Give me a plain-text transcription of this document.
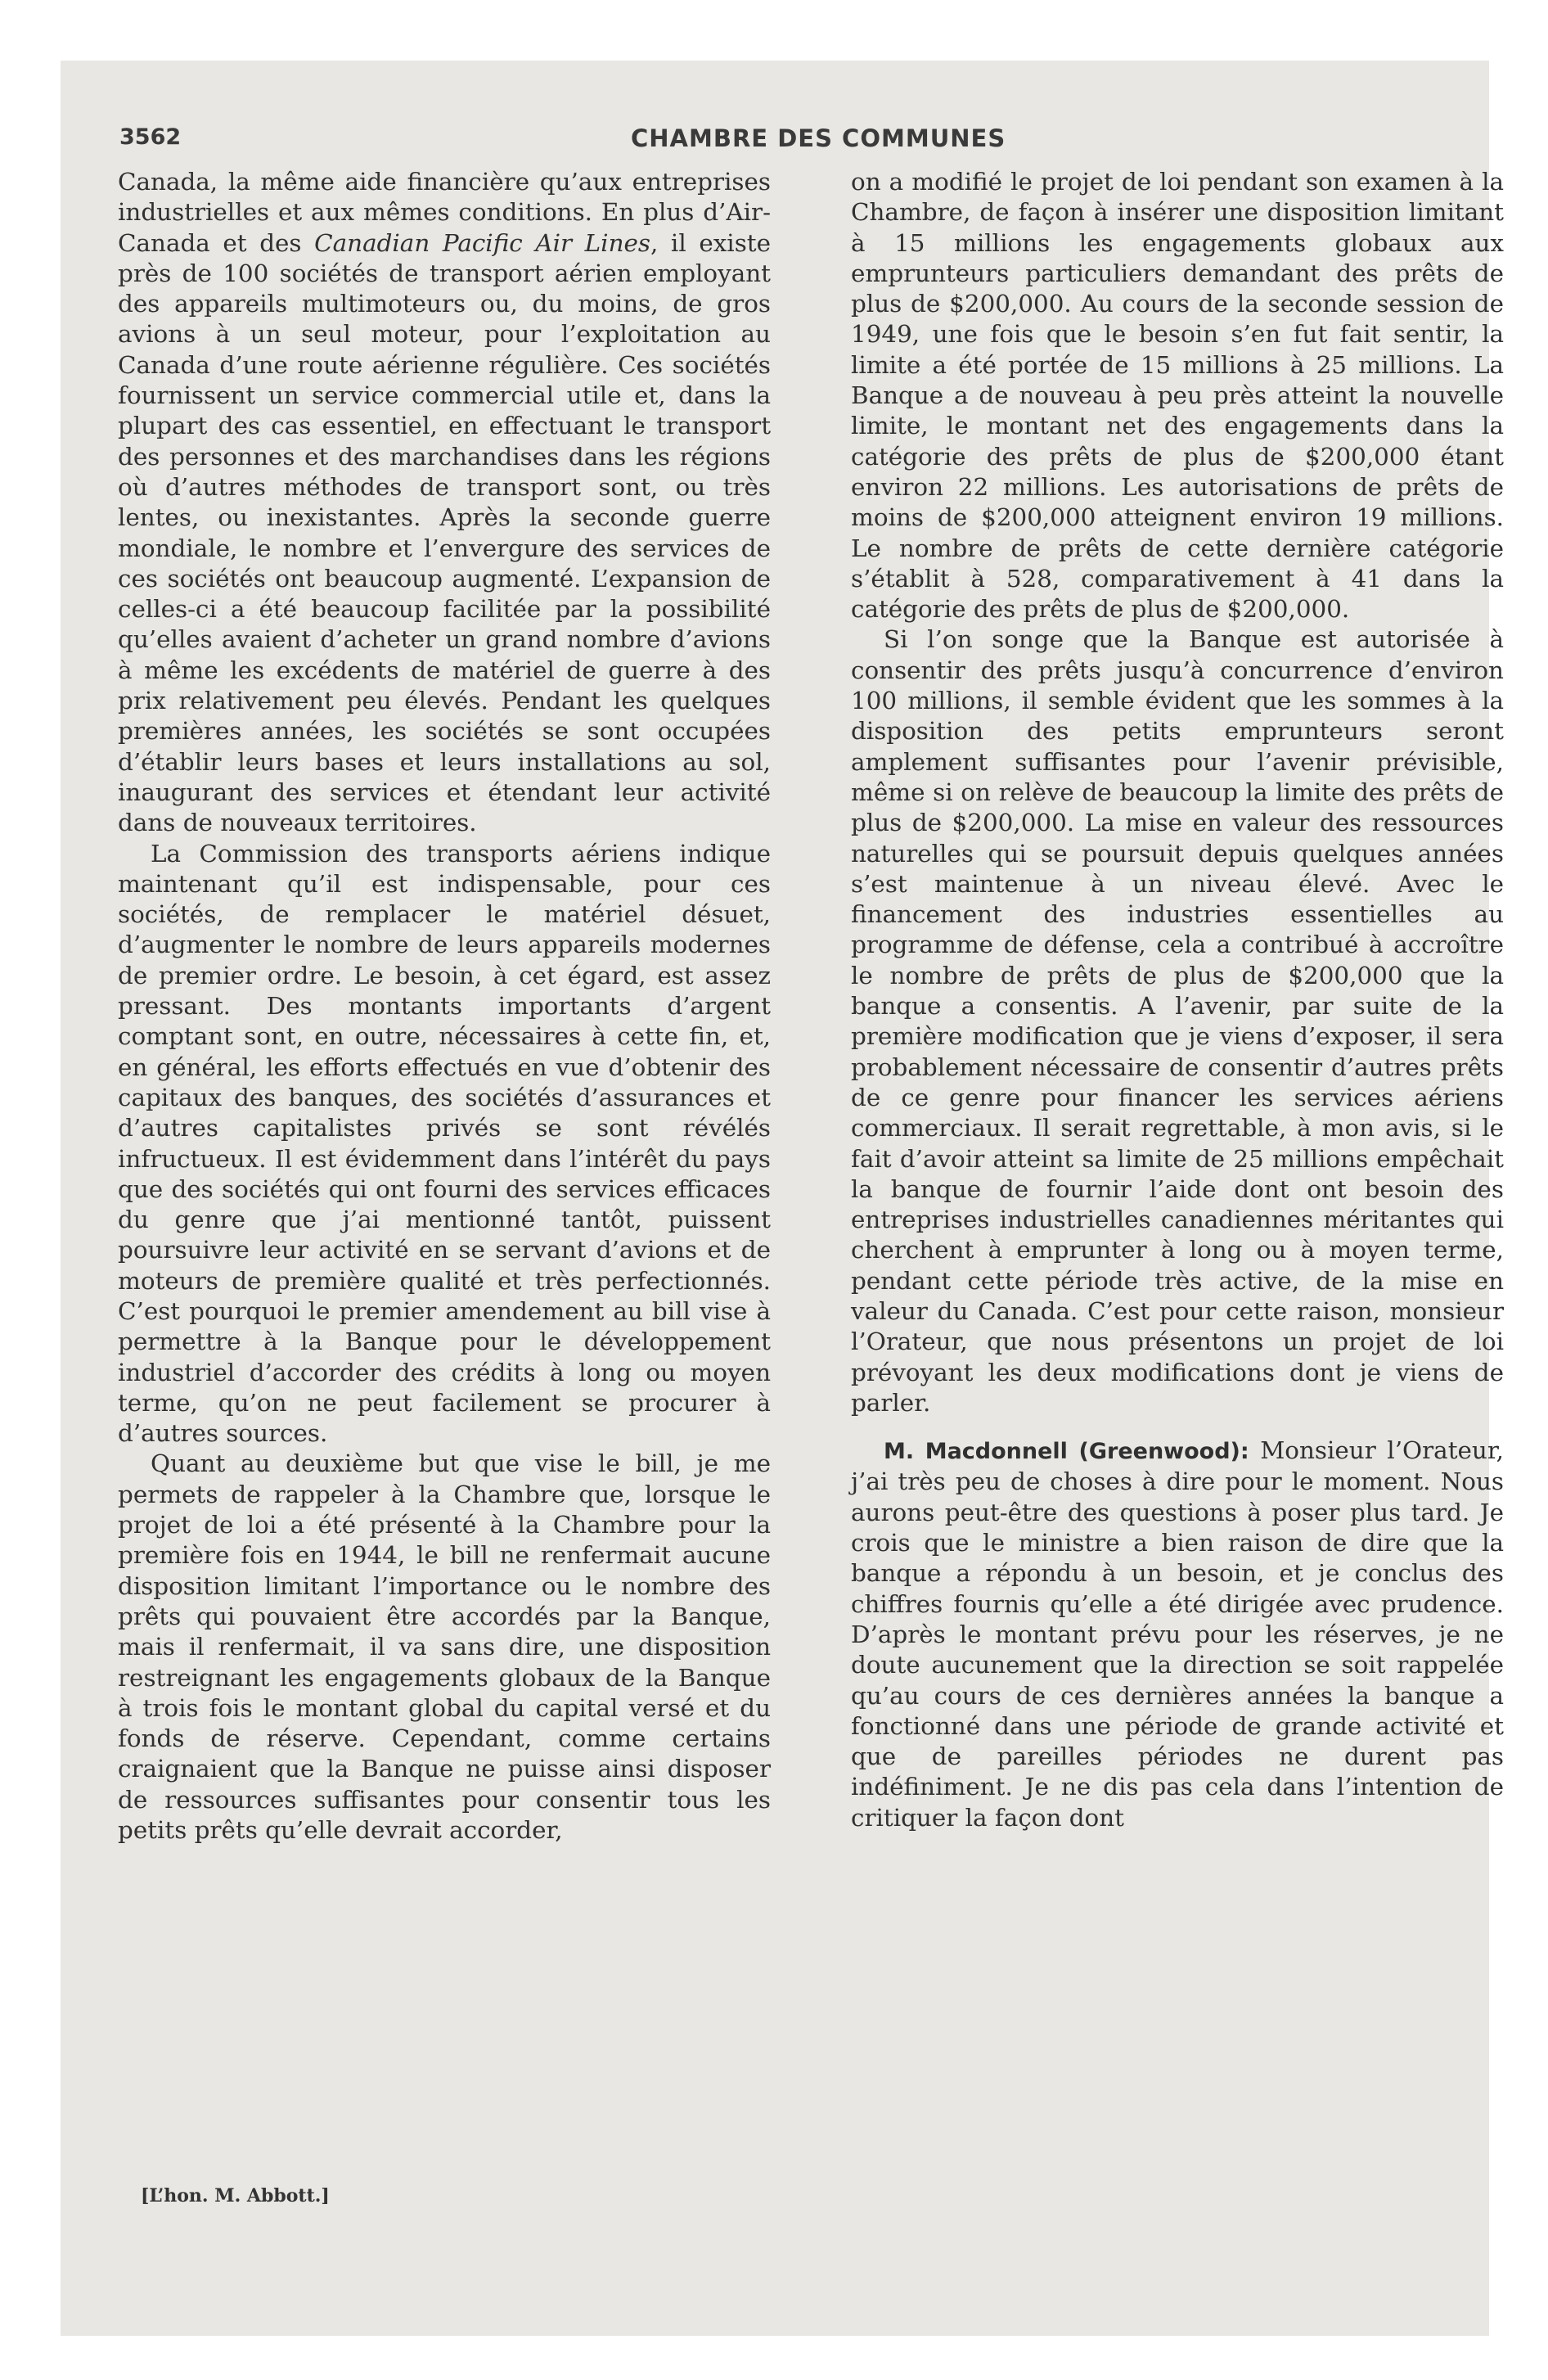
3562	CHAMBRE DES COMMUNES

Canada, la même aide financière qu’aux entreprises industrielles et aux mêmes conditions. En plus d’Air-Canada et des Canadian Pacific Air Lines, il existe près de 100 sociétés de transport aérien employant des appareils multimoteurs ou, du moins, de gros avions à un seul moteur, pour l’exploitation au Canada d’une route aérienne régulière. Ces sociétés fournissent un service commercial utile et, dans la plupart des cas essentiel, en effectuant le transport des personnes et des marchandises dans les régions où d’autres méthodes de transport sont, ou très lentes, ou inexistantes. Après la seconde guerre mondiale, le nombre et l’envergure des services de ces sociétés ont beaucoup augmenté. L’expansion de celles-ci a été beaucoup facilitée par la possibilité qu’elles avaient d’acheter un grand nombre d’avions à même les excédents de matériel de guerre à des prix relativement peu élevés. Pendant les quelques premières années, les sociétés se sont occupées d’établir leurs bases et leurs installations au sol, inaugurant des services et étendant leur activité dans de nouveaux territoires.

La Commission des transports aériens indique maintenant qu’il est indispensable, pour ces sociétés, de remplacer le matériel désuet, d’augmenter le nombre de leurs appareils modernes de premier ordre. Le besoin, à cet égard, est assez pressant. Des montants importants d’argent comptant sont, en outre, nécessaires à cette fin, et, en général, les efforts effectués en vue d’obtenir des capitaux des banques, des sociétés d’assurances et d’autres capitalistes privés se sont révélés infructueux. Il est évidemment dans l’intérêt du pays que des sociétés qui ont fourni des services efficaces du genre que j’ai mentionné tantôt, puissent poursuivre leur activité en se servant d’avions et de moteurs de première qualité et très perfectionnés. C’est pourquoi le premier amendement au bill vise à permettre à la Banque pour le développement industriel d’accorder des crédits à long ou moyen terme, qu’on ne peut facilement se procurer à d’autres sources.

Quant au deuxième but que vise le bill, je me permets de rappeler à la Chambre que, lorsque le projet de loi a été présenté à la Chambre pour la première fois en 1944, le bill ne renfermait aucune disposition limitant l’importance ou le nombre des prêts qui pouvaient être accordés par la Banque, mais il renfermait, il va sans dire, une disposition restreignant les engagements globaux de la Banque à trois fois le montant global du capital versé et du fonds de réserve. Cependant, comme certains craignaient que la Banque ne puisse ainsi disposer de ressources suffisantes pour consentir tous les petits prêts qu’elle devrait accorder,

on a modifié le projet de loi pendant son examen à la Chambre, de façon à insérer une disposition limitant à 15 millions les engagements globaux aux emprunteurs particuliers demandant des prêts de plus de $200,000. Au cours de la seconde session de 1949, une fois que le besoin s’en fut fait sentir, la limite a été portée de 15 millions à 25 millions. La Banque a de nouveau à peu près atteint la nouvelle limite, le montant net des engagements dans la catégorie des prêts de plus de $200,000 étant environ 22 millions. Les autorisations de prêts de moins de $200,000 atteignent environ 19 millions. Le nombre de prêts de cette dernière catégorie s’établit à 528, comparativement à 41 dans la catégorie des prêts de plus de $200,000.

Si l’on songe que la Banque est autorisée à consentir des prêts jusqu’à concurrence d’environ 100 millions, il semble évident que les sommes à la disposition des petits emprunteurs seront amplement suffisantes pour l’avenir prévisible, même si on relève de beaucoup la limite des prêts de plus de $200,000. La mise en valeur des ressources naturelles qui se poursuit depuis quelques années s’est maintenue à un niveau élevé. Avec le financement des industries essentielles au programme de défense, cela a contribué à accroître le nombre de prêts de plus de $200,000 que la banque a consentis. A l’avenir, par suite de la première modification que je viens d’exposer, il sera probablement nécessaire de consentir d’autres prêts de ce genre pour financer les services aériens commerciaux. Il serait regrettable, à mon avis, si le fait d’avoir atteint sa limite de 25 millions empêchait la banque de fournir l’aide dont ont besoin des entreprises industrielles canadiennes méritantes qui cherchent à emprunter à long ou à moyen terme, pendant cette période très active, de la mise en valeur du Canada. C’est pour cette raison, monsieur l’Orateur, que nous présentons un projet de loi prévoyant les deux modifications dont je viens de parler.

M. Macdonnell (Greenwood): Monsieur l’Orateur, j’ai très peu de choses à dire pour le moment. Nous aurons peut-être des questions à poser plus tard. Je crois que le ministre a bien raison de dire que la banque a répondu à un besoin, et je conclus des chiffres fournis qu’elle a été dirigée avec prudence. D’après le montant prévu pour les réserves, je ne doute aucunement que la direction se soit rappelée qu’au cours de ces dernières années la banque a fonctionné dans une période de grande activité et que de pareilles périodes ne durent pas indéfiniment. Je ne dis pas cela dans l’intention de critiquer la façon dont

[L’hon. M. Abbott.]
